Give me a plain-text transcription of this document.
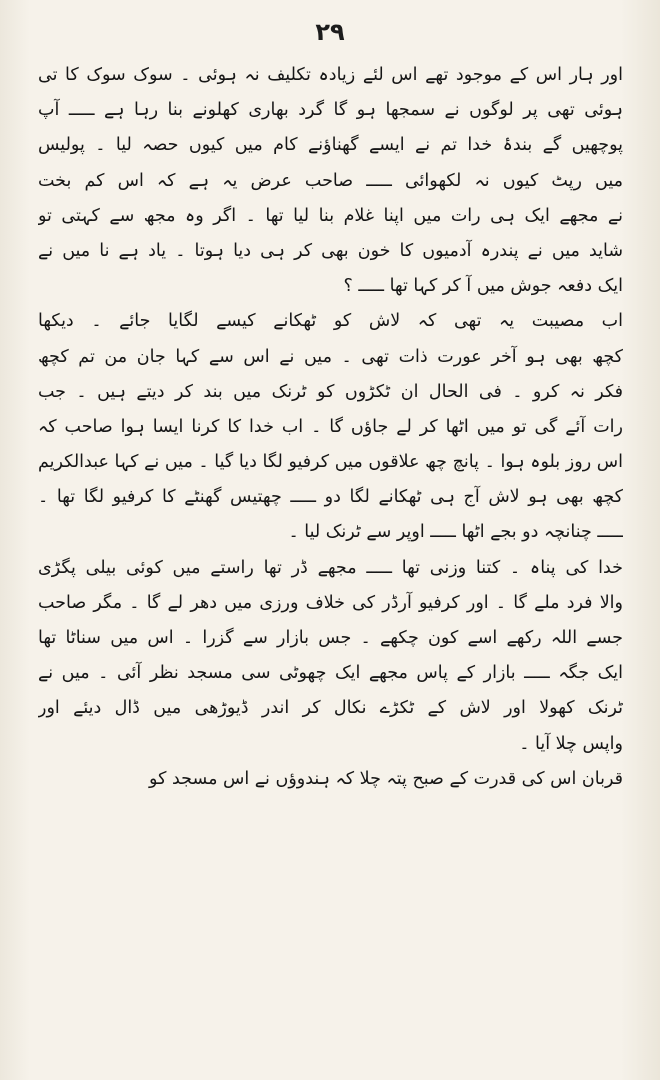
۲۹
اور ہار اس کے موجود تھے اس لئے زیادہ تکلیف نہ ہوئی ۔ سوک سوک کا تی
ہوئی تھی پر لوگوں نے سمجھا ہو گا گرد بھاری کھلونے بنا رہا ہے ـــــ آپ
پوچھیں گے بندۂ خدا تم نے ایسے گھناؤنے کام میں کیوں حصہ لیا ۔ پولیس
میں رپٹ کیوں نہ لکھوائی ـــــ صاحب عرض یہ ہے کہ اس کم بخت
نے مجھے ایک ہی رات میں اپنا غلام بنا لیا تھا ۔ اگر وہ مجھ سے کہتی تو
شاید میں نے پندرہ آدمیوں کا خون بھی کر ہی دیا ہوتا ۔ یاد ہے نا میں نے
ایک دفعہ جوش میں آ کر کہا تھا ـــــ ؟
اب مصیبت یہ تھی کہ لاش کو ٹھکانے کیسے لگایا جائے ۔ دیکھا
کچھ بھی ہو آخر عورت ذات تھی ۔ میں نے اس سے کہا جان من تم کچھ
فکر نہ کرو ۔ فی الحال ان ٹکڑوں کو ٹرنک میں بند کر دیتے ہیں ۔ جب
رات آئے گی تو میں اٹھا کر لے جاؤں گا ۔ اب خدا کا کرنا ایسا ہوا صاحب کہ
اس روز بلوہ ہوا ۔ پانچ چھ علاقوں میں کرفیو لگا دیا گیا ۔ میں نے کہا عبدالکریم
کچھ بھی ہو لاش آج ہی ٹھکانے لگا دو ـــــ چھتیس گھنٹے کا کرفیو لگا تھا ۔
ـــــ چنانچہ دو بجے اٹھا ـــــ اوپر سے ٹرنک لیا ۔
خدا کی پناہ ۔ کتنا وزنی تھا ـــــ مجھے ڈر تھا راستے میں کوئی بیلی پگڑی
والا فرد ملے گا ۔ اور کرفیو آرڈر کی خلاف ورزی میں دھر لے گا ۔ مگر صاحب
جسے اللہ رکھے اسے کون چکھے ۔ جس بازار سے گزرا ۔ اس میں سناٹا تھا
ایک جگہ ـــــ بازار کے پاس مجھے ایک چھوٹی سی مسجد نظر آئی ۔ میں نے
ٹرنک کھولا اور لاش کے ٹکڑے نکال کر اندر ڈیوڑھی میں ڈال دیئے اور
واپس چلا آیا ۔
قربان اس کی قدرت کے صبح پتہ چلا کہ ہندوؤں نے اس مسجد کو
